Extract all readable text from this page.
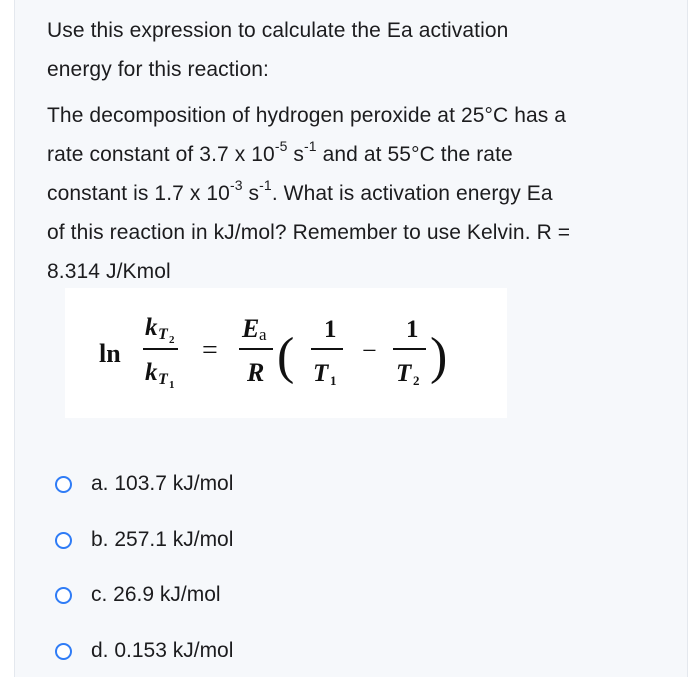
Use this expression to calculate the Ea activation
energy for this reaction:
The decomposition of hydrogen peroxide at 25°C has a
rate constant of 3.7 x $10^{-5}$ $s^{-1}$ and at 55°C the rate
constant is 1.7 x $10^{-3}$ $s^{-1}$. What is activation energy Ea
of this reaction in kJ/mol? Remember to use Kelvin. R =
8.314 J/Kmol
ln
k T 2
k T 1
=
E a
R ( 1
T 1
−
1
T 2 )
a. 103.7 kJ/mol
b. 257.1 kJ/mol
c. 26.9 kJ/mol
d. 0.153 kJ/mol
